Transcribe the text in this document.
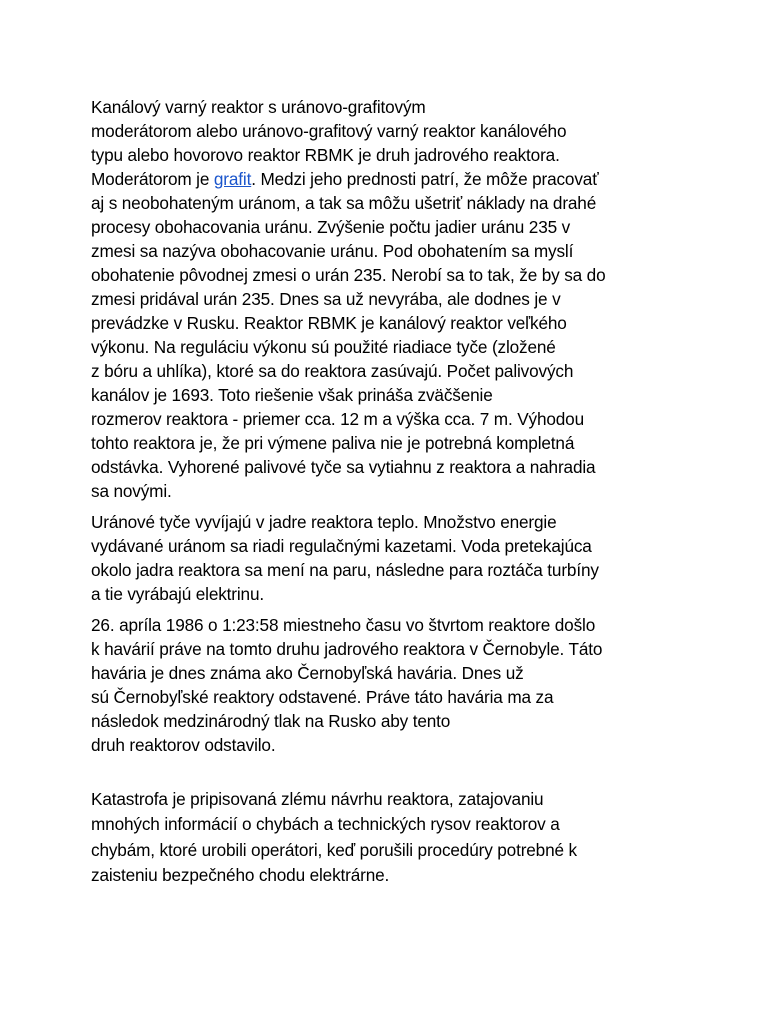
Kanálový varný reaktor s uránovo-grafitovým
moderátorom alebo uránovo-grafitový varný reaktor kanálového
typu alebo hovorovo reaktor RBMK je druh jadrového reaktora.
Moderátorom je grafit. Medzi jeho prednosti patrí, že môže pracovať
aj s neobohateným uránom, a tak sa môžu ušetriť náklady na drahé
procesy obohacovania uránu. Zvýšenie počtu jadier uránu 235 v
zmesi sa nazýva obohacovanie uránu. Pod obohatením sa myslí
obohatenie pôvodnej zmesi o urán 235. Nerobí sa to tak, že by sa do
zmesi pridával urán 235. Dnes sa už nevyrába, ale dodnes je v
prevádzke v Rusku. Reaktor RBMK je kanálový reaktor veľkého
výkonu. Na reguláciu výkonu sú použité riadiace tyče (zložené
z bóru a uhlíka), ktoré sa do reaktora zasúvajú. Počet palivových
kanálov je 1693. Toto riešenie však prináša zväčšenie
rozmerov reaktora - priemer cca. 12 m a výška cca. 7 m. Výhodou
tohto reaktora je, že pri výmene paliva nie je potrebná kompletná
odstávka. Vyhorené palivové tyče sa vytiahnu z reaktora a nahradia
sa novými.
Uránové tyče vyvíjajú v jadre reaktora teplo. Množstvo energie
vydávané uránom sa riadi regulačnými kazetami. Voda pretekajúca
okolo jadra reaktora sa mení na paru, následne para roztáča turbíny
a tie vyrábajú elektrinu.
26. apríla 1986 o 1:23:58 miestneho času vo štvrtom reaktore došlo
k havárií práve na tomto druhu jadrového reaktora v Černobyle. Táto
havária je dnes známa ako Černobyľská havária. Dnes už
sú Černobyľské reaktory odstavené. Práve táto havária ma za
následok medzinárodný tlak na Rusko aby tento
druh reaktorov odstavilo.
Katastrofa je pripisovaná zlému návrhu reaktora, zatajovaniu
mnohých informácií o chybách a technických rysov reaktorov a
chybám, ktoré urobili operátori, keď porušili procedúry potrebné k
zaisteniu bezpečného chodu elektrárne.
